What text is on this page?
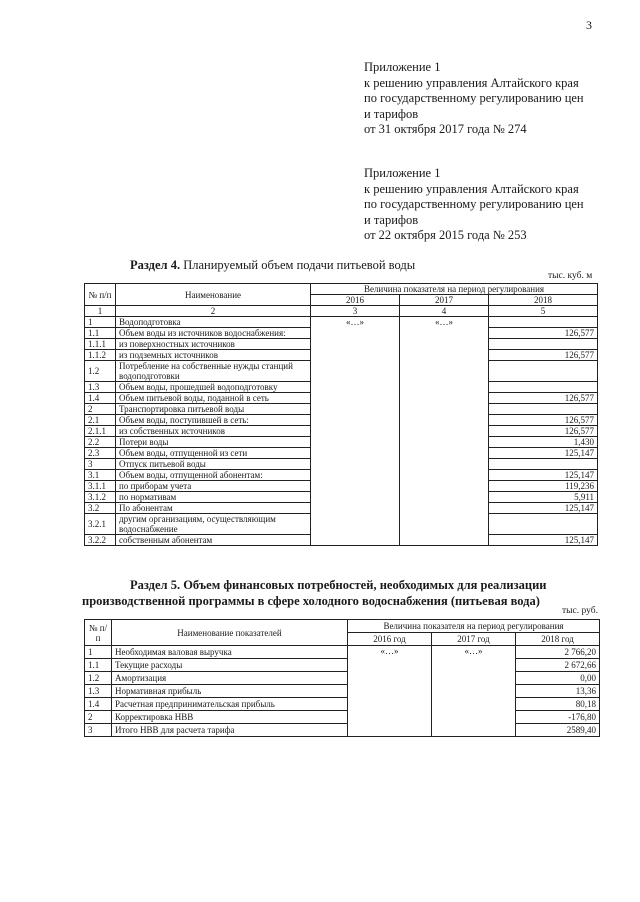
3
Приложение 1
к решению управления Алтайского края
по государственному регулированию цен
и тарифов
от 31 октября 2017 года № 274
Приложение 1
к решению управления Алтайского края
по государственному регулированию цен
и тарифов
от 22 октября 2015 года № 253
Раздел 4. Планируемый объем подачи питьевой воды
тыс. куб. м
№ п/п	Наименование	Величина показателя на период регулирования		
		2016	2017	2018
1	2	3	4	5
1	Водоподготовка	«…»	«…»	
1.1	Объем воды из источников водоснабжения:			126,577
1.1.1	из поверхностных источников			
1.1.2	из подземных источников			126,577
1.2	Потребление на собственные нужды станций водоподготовки			
1.3	Объем воды, прошедшей водоподготовку			
1.4	Объем питьевой воды, поданной в сеть			126,577
2	Транспортировка питьевой воды			
2.1	Объем воды, поступившей в сеть:			126,577
2.1.1	из собственных источников			126,577
2.2	Потери воды			1,430
2.3	Объем воды, отпущенной из сети			125,147
3	Отпуск питьевой воды			
3.1	Объем воды, отпущенной абонентам:			125,147
3.1.1	по приборам учета			119,236
3.1.2	по нормативам			5,911
3.2	По абонентам			125,147
3.2.1	другим организациям, осуществляющим водоснабжение			
3.2.2	собственным абонентам			125,147
Раздел 5. Объем финансовых потребностей, необходимых для реализации производственной программы в сфере холодного водоснабжения (питьевая вода)
тыс. руб.
№ п/п	Наименование показателей	Величина показателя на период регулирования		
		2016 год	2017 год	2018 год
1	Необходимая валовая выручка	«…»	«…»	2 766,20
1.1	Текущие расходы			2 672,66
1.2	Амортизация			0,00
1.3	Нормативная прибыль			13,36
1.4	Расчетная предпринимательская прибыль			80,18
2	Корректировка НВВ			-176,80
3	Итого НВВ для расчета тарифа			2589,40
